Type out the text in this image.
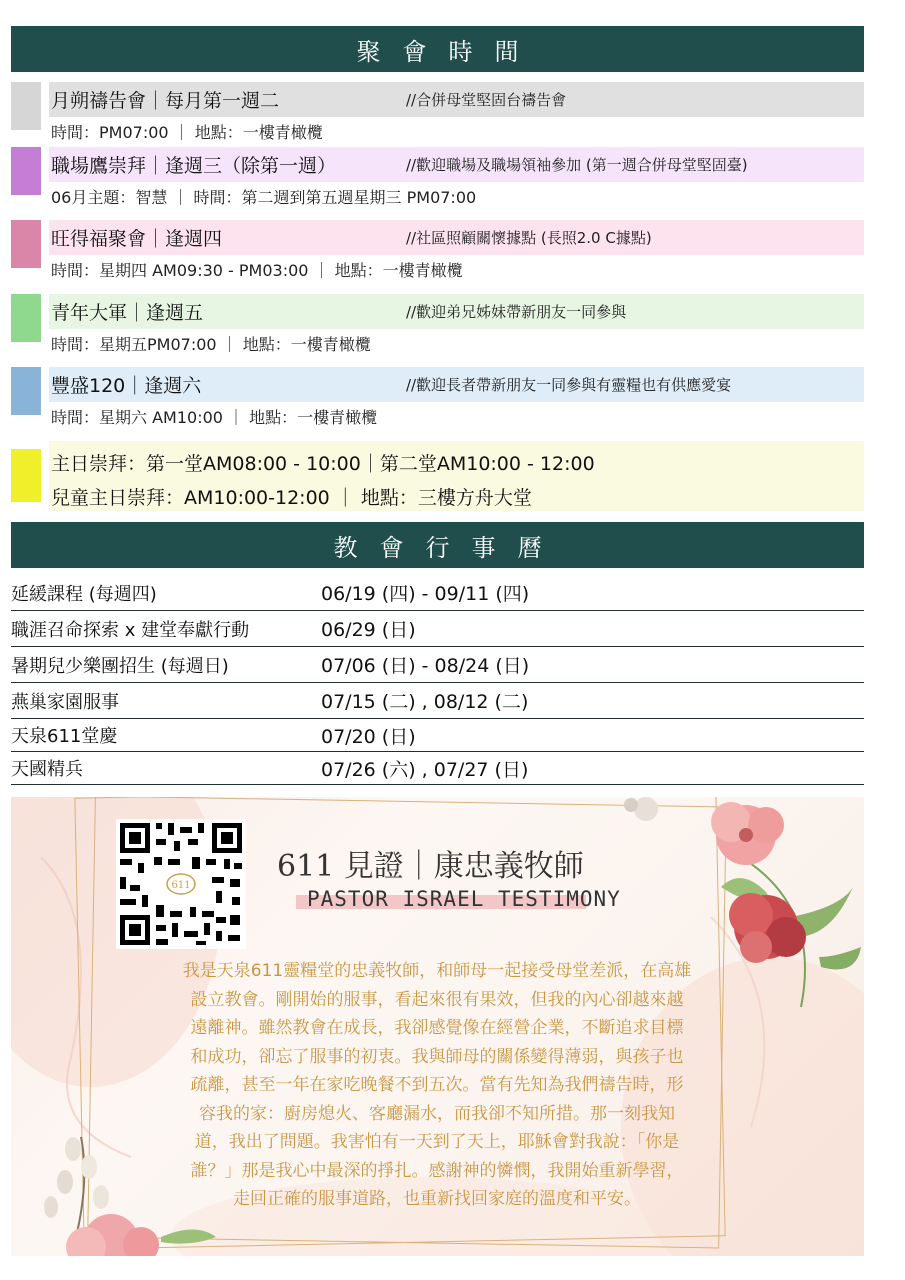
聚會時間
月朔禱告會｜每月第一週二	//合併母堂堅固台禱告會
時間：PM07:00 ｜ 地點：一樓青橄欖
職場鷹崇拜｜逢週三（除第一週）	//歡迎職場及職場領袖參加 (第一週合併母堂堅固臺)
06月主題：智慧 ｜ 時間：第二週到第五週星期三 PM07:00
旺得福聚會｜逢週四	//社區照顧關懷據點 (長照2.0 C據點)
時間：星期四 AM09:30 - PM03:00 ｜ 地點：一樓青橄欖
青年大軍｜逢週五	//歡迎弟兄姊妹帶新朋友一同參與
時間：星期五PM07:00 ｜ 地點：一樓青橄欖
豐盛120｜逢週六	//歡迎長者帶新朋友一同參與有靈糧也有供應愛宴
時間：星期六 AM10:00 ｜ 地點：一樓青橄欖
主日崇拜：第一堂AM08:00 - 10:00｜第二堂AM10:00 - 12:00
兒童主日崇拜：AM10:00-12:00 ｜ 地點：三樓方舟大堂
教會行事曆
延緩課程 (每週四)	06/19 (四) - 09/11 (四)
職涯召命探索 x 建堂奉獻行動	06/29 (日)
暑期兒少樂團招生 (每週日)	07/06 (日) - 08/24 (日)
燕巢家園服事	07/15 (二) , 08/12 (二)
天泉611堂慶	07/20 (日)
天國精兵	07/26 (六) , 07/27 (日)
611
611 見證｜康忠義牧師
PASTOR ISRAEL TESTIMONY
我是天泉611靈糧堂的忠義牧師，和師母一起接受母堂差派，在高雄
設立教會。剛開始的服事，看起來很有果效，但我的內心卻越來越
遠離神。雖然教會在成長，我卻感覺像在經營企業，不斷追求目標
和成功，卻忘了服事的初衷。我與師母的關係變得薄弱，與孩子也
疏離，甚至一年在家吃晚餐不到五次。當有先知為我們禱告時，形
容我的家：廚房熄火、客廳漏水，而我卻不知所措。那一刻我知
道，我出了問題。我害怕有一天到了天上，耶穌會對我說：「你是
誰？」那是我心中最深的掙扎。感謝神的憐憫，我開始重新學習，
走回正確的服事道路，也重新找回家庭的溫度和平安。
